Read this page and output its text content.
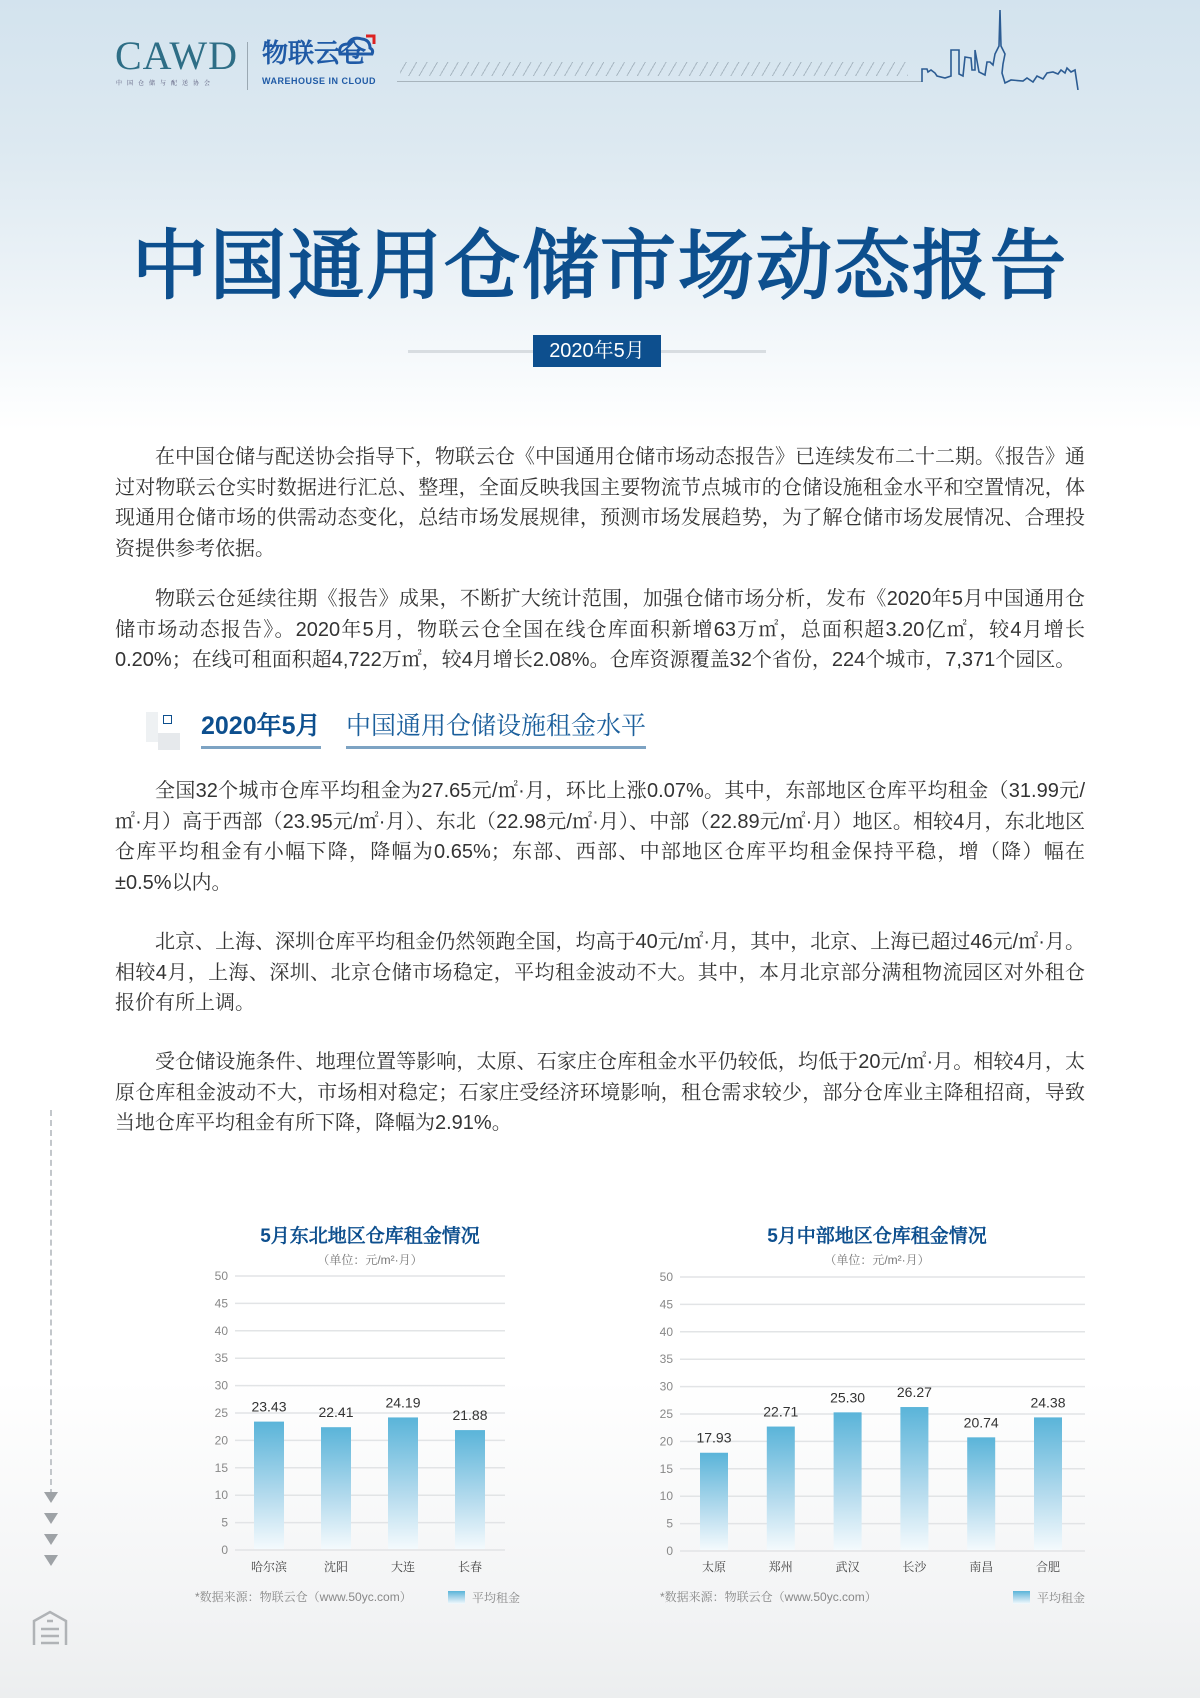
CAWD
中国仓储与配送协会
物联云仓
WAREHOUSE IN CLOUD
中国通用仓储市场动态报告
2020年5月

在中国仓储与配送协会指导下，物联云仓《中国通用仓储市场动态报告》已连续发布二十二期。《报告》通过对物联云仓实时数据进行汇总、整理，全面反映我国主要物流节点城市的仓储设施租金水平和空置情况，体现通用仓储市场的供需动态变化，总结市场发展规律，预测市场发展趋势，为了解仓储市场发展情况、合理投资提供参考依据。

物联云仓延续往期《报告》成果，不断扩大统计范围，加强仓储市场分析，发布《2020年5月中国通用仓储市场动态报告》。2020年5月，物联云仓全国在线仓库面积新增63万㎡，总面积超3.20亿㎡，较4月增长0.20%；在线可租面积超4,722万㎡，较4月增长2.08%。仓库资源覆盖32个省份，224个城市，7,371个园区。

2020年5月 中国通用仓储设施租金水平

全国32个城市仓库平均租金为27.65元/㎡·月，环比上涨0.07%。其中，东部地区仓库平均租金（31.99元/㎡·月）高于西部（23.95元/㎡·月）、东北（22.98元/㎡·月）、中部（22.89元/㎡·月）地区。相较4月，东北地区仓库平均租金有小幅下降，降幅为0.65%；东部、西部、中部地区仓库平均租金保持平稳，增（降）幅在±0.5%以内。

北京、上海、深圳仓库平均租金仍然领跑全国，均高于40元/㎡·月，其中，北京、上海已超过46元/㎡·月。相较4月，上海、深圳、北京仓储市场稳定，平均租金波动不大。其中，本月北京部分满租物流园区对外租仓报价有所上调。

受仓储设施条件、地理位置等影响，太原、石家庄仓库租金水平仍较低，均低于20元/㎡·月。相较4月，太原仓库租金波动不大，市场相对稳定；石家庄受经济环境影响，租仓需求较少，部分仓库业主降租招商，导致当地仓库平均租金有所下降，降幅为2.91%。

5月东北地区仓库租金情况
（单位：元/m²·月）
0
5
10
15
20
25
30
35
40
45
50
23.43
哈尔滨
22.41
沈阳
24.19
大连
21.88
长春
*数据来源：物联云仓（www.50yc.com）	平均租金
5月中部地区仓库租金情况
（单位：元/m²·月）
0
5
10
15
20
25
30
35
40
45
50
17.93
太原
22.71
郑州
25.30
武汉
26.27
长沙
20.74
南昌
24.38
合肥
*数据来源：物联云仓（www.50yc.com）	平均租金
